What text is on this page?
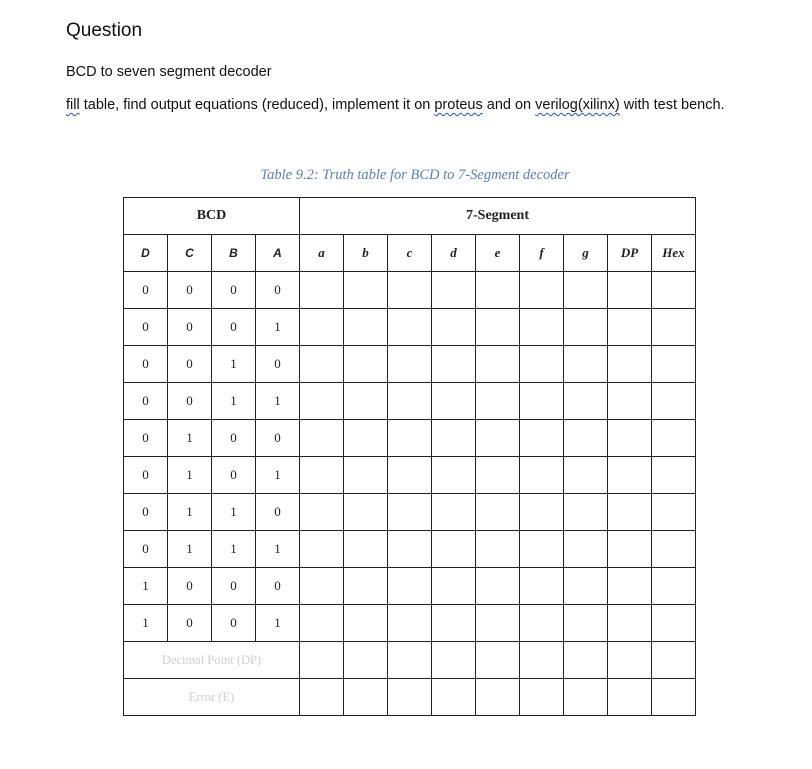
Question
BCD to seven segment decoder
fill table, find output equations (reduced), implement it on proteus and on verilog(xilinx) with test bench.
Table 9.2: Truth table for BCD to 7-Segment decoder
BCD				7-Segment								
D	C	B	A	a	b	c	d	e	f	g	DP	Hex
0	0	0	0									
0	0	0	1									
0	0	1	0									
0	0	1	1									
0	1	0	0									
0	1	0	1									
0	1	1	0									
0	1	1	1									
1	0	0	0									
1	0	0	1									
Decimal Point (DP)												
Error (E)												
